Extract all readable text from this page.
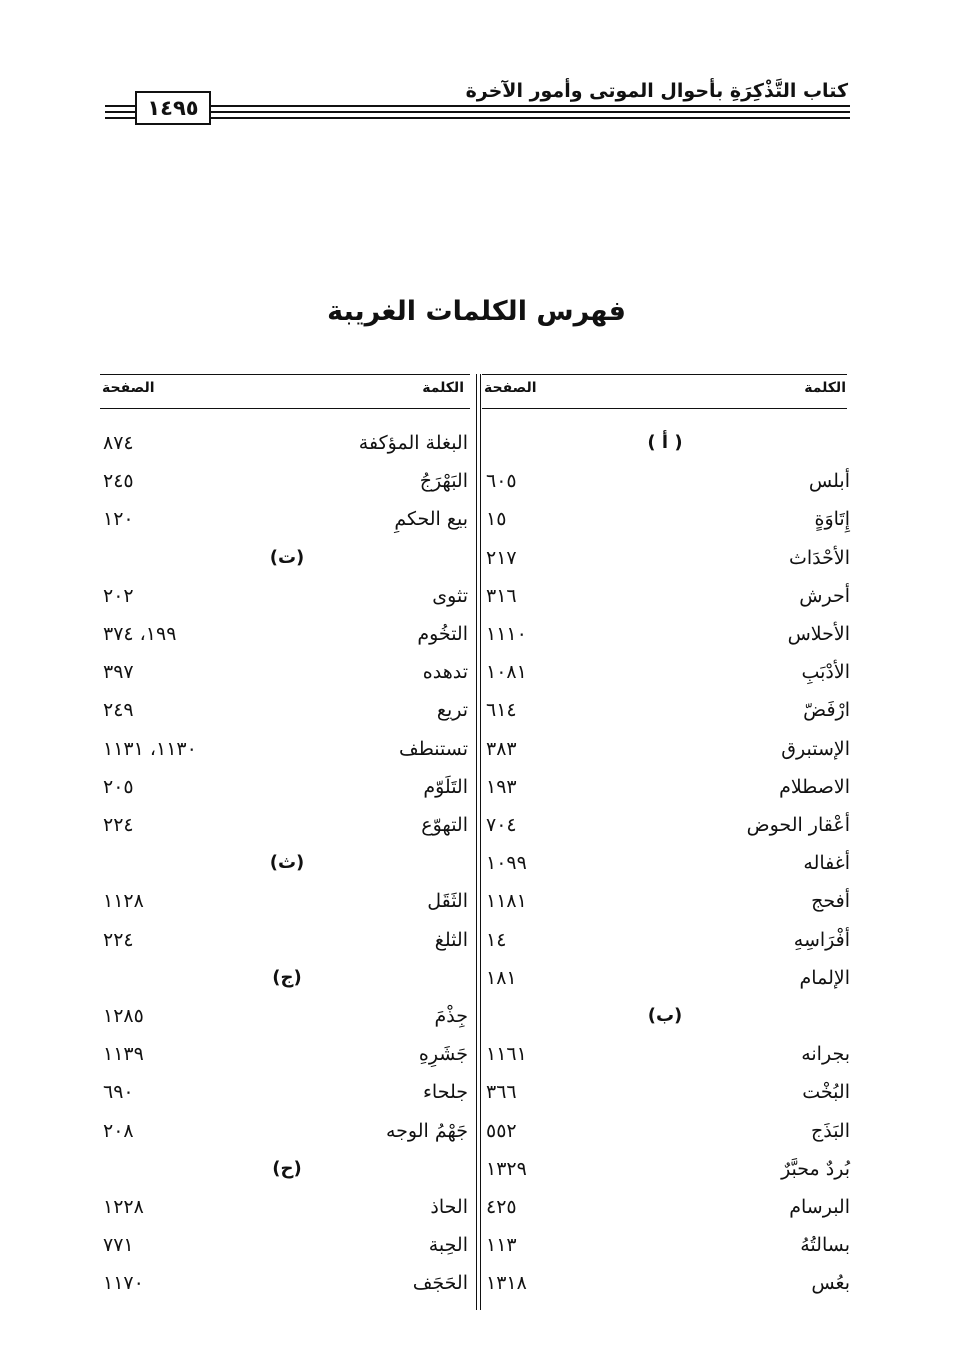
كتاب التَّذْكِرَةِ بأحوال الموتى وأمور الآخرة
١٤٩٥
فهرس الكلمات الغريبة
الكلمة
الصفحة
الكلمة
الصفحة
( أ )
أبلس
٦٠٥
إِتَاوَةٍ
١٥
الأحْدَاث
٢١٧
أحرش
٣١٦
الأحلاس
١١١٠
الأدْبَبِ
١٠٨١
ارْفَضّ
٦١٤
الإستبرق
٣٨٣
الاصطلام
١٩٣
أعْقار الحوض
٧٠٤
أغفاله
١٠٩٩
أفحج
١١٨١
أفْرَاسِهِ
١٤
الإلمام
١٨١
(ب)
بجرانه
١١٦١
البُخْت
٣٦٦
البَذَج
٥٥٢
بُردٌ محبَّرٌ
١٣٢٩
البرسام
٤٢٥
بسالتُهُ
١١٣
بعُس
١٣١٨
البغلة المؤكفة
٨٧٤
البَهْرَجُ
٢٤٥
بيع الحكمِ
١٢٠
(ت)
تثوى
٢٠٢
التخُوم
١٩٩، ٣٧٤
تدهده
٣٩٧
تريع
٢٤٩
تستنطف
١١٣٠، ١١٣١
التَلَوّم
٢٠٥
التهوّع
٢٢٤
(ث)
الثَقَل
١١٢٨
الثلغ
٢٢٤
(ج)
جِذْمَ
١٢٨٥
جَشَرِهِ
١١٣٩
جلحاء
٦٩٠
جَهْمُ الوجه
٢٠٨
(ح)
الحاذ
١٢٢٨
الحِبة
٧٧١
الحَجَف
١١٧٠
